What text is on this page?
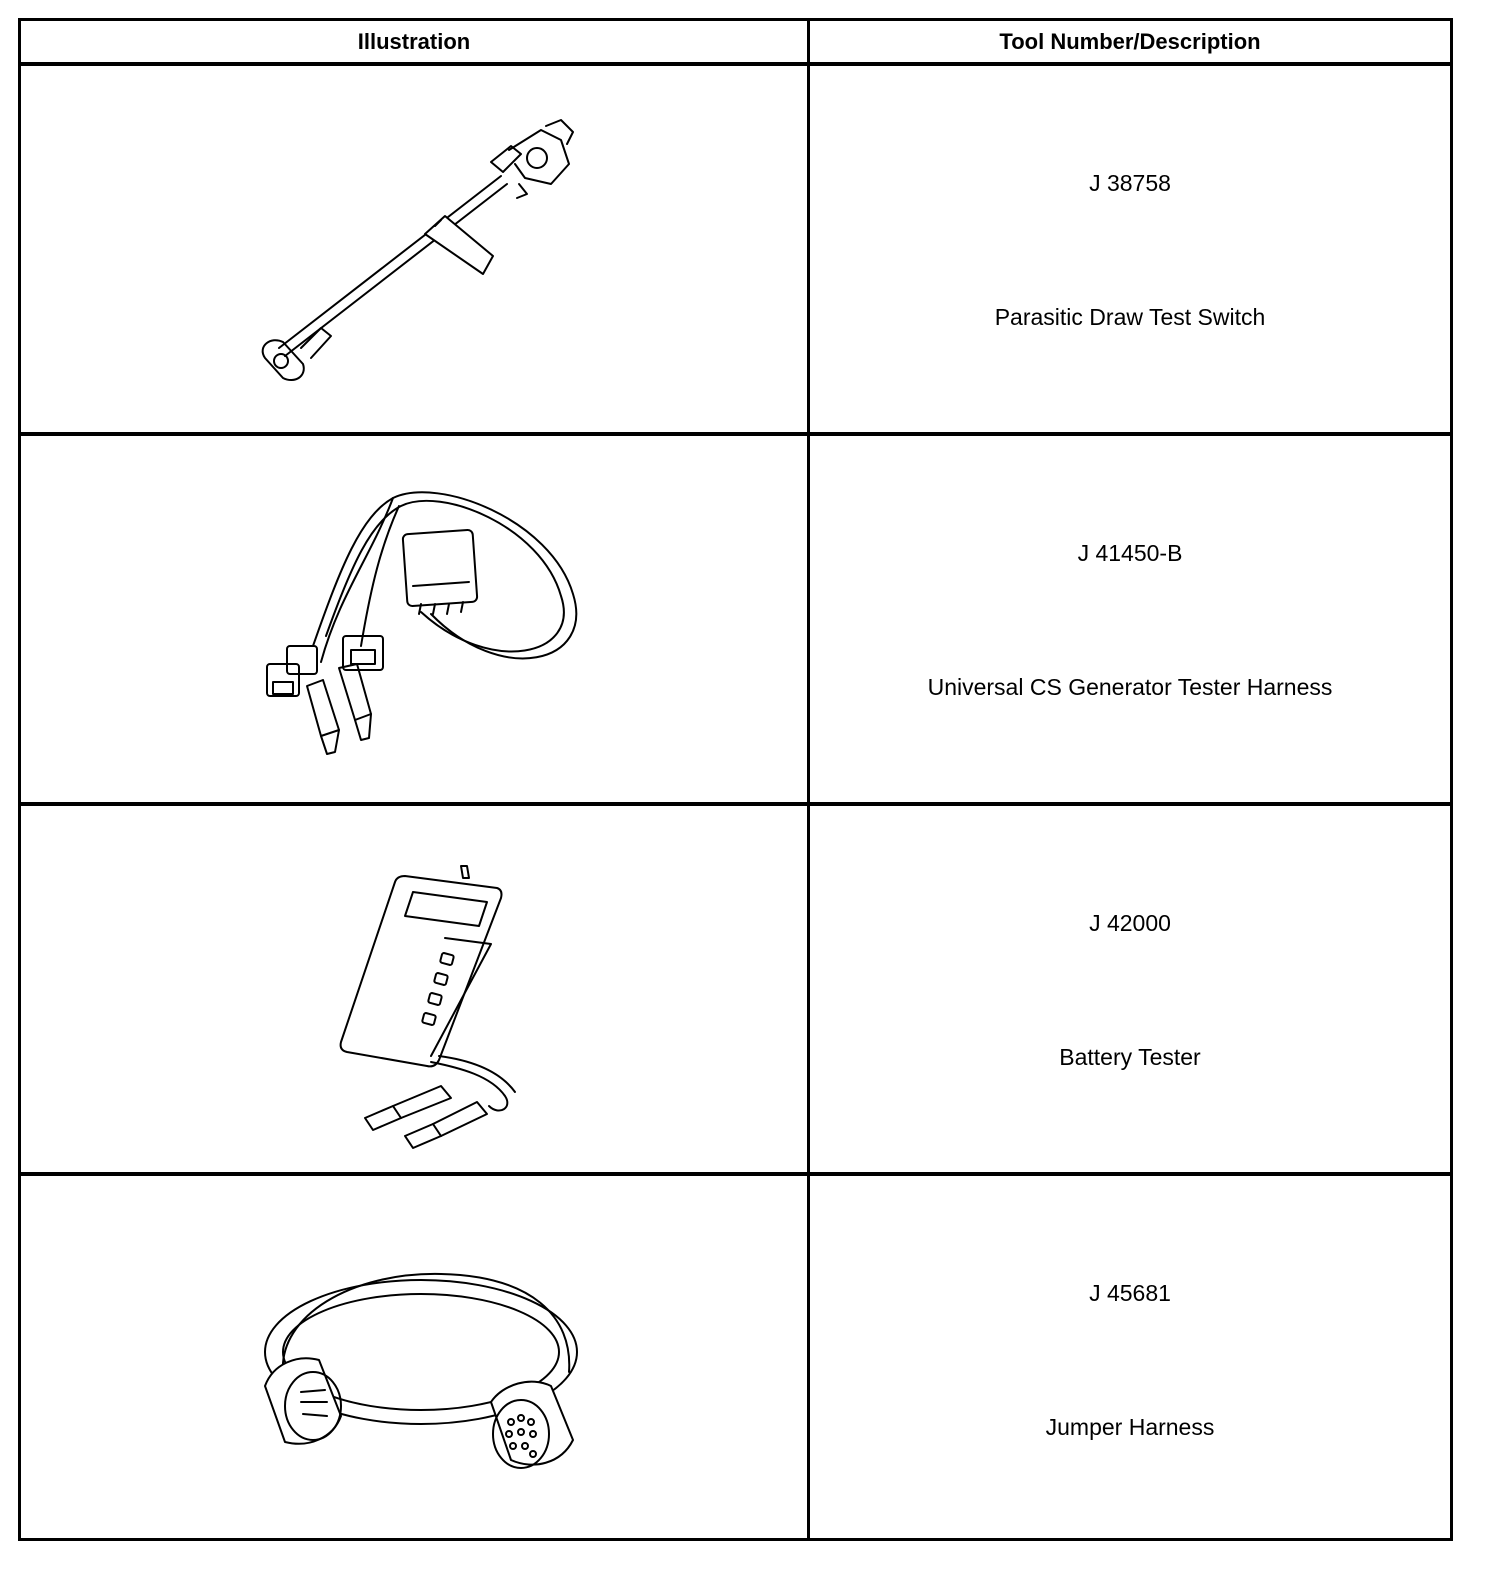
Illustration	Tool Number/Description
J 38758
Parasitic Draw Test Switch
J 41450-B
Universal CS Generator Tester Harness
J 42000
Battery Tester
J 45681
Jumper Harness
